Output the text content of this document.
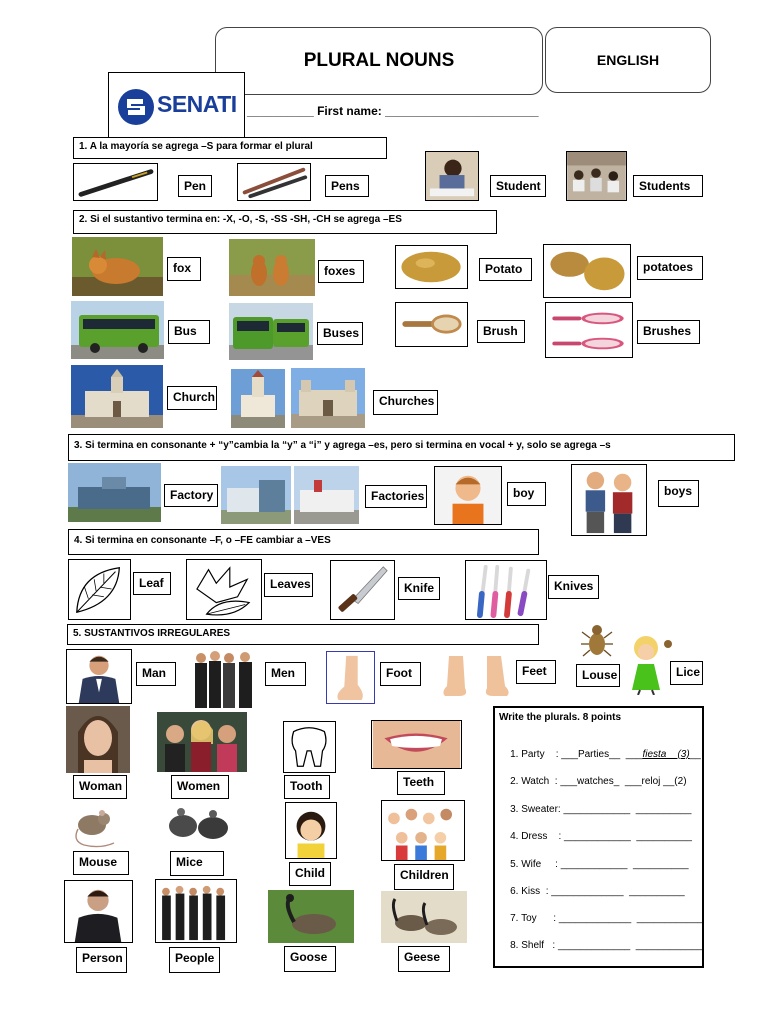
PLURAL NOUNS	ENGLISH
SENATI __________ First name: _______________________
1. A la mayoría se agrega –S para formar el plural
Pen	Pens	Student	Students
2. Si el sustantivo termina en: -X, -O, -S, -SS -SH, -CH se agrega –ES
fox	foxes	Potato	potatoes
Bus	Buses	Brush	Brushes
Church	Churches
3. Si termina en consonante + “y”cambia la “y” a “i” y agrega –es, pero si termina en vocal + y, solo se agrega –s
Factory	Factories	boy	boys
4. Si termina en consonante –F, o –FE cambiar a –VES
Leaf	Leaves	Knife	Knives
5. SUSTANTIVOS IRREGULARES
Man	Men	Foot	Feet	Louse	Lice
Woman	Women	Tooth	Teeth
Mouse	Mice
Child	Children
Person	People	Goose	Geese
Write the plurals. 8 points

1. Party    : ___Parties__  ___fiesta    (3)__

2. Watch  : ___watches_  ___reloj __(2)

3. Sweater: ____________  __________

4. Dress    : ____________  __________

5. Wife     : ____________  __________

6. Kiss  : _____________  __________

7. Toy      : _____________  ____________

8. Shelf   : _____________  ____________
